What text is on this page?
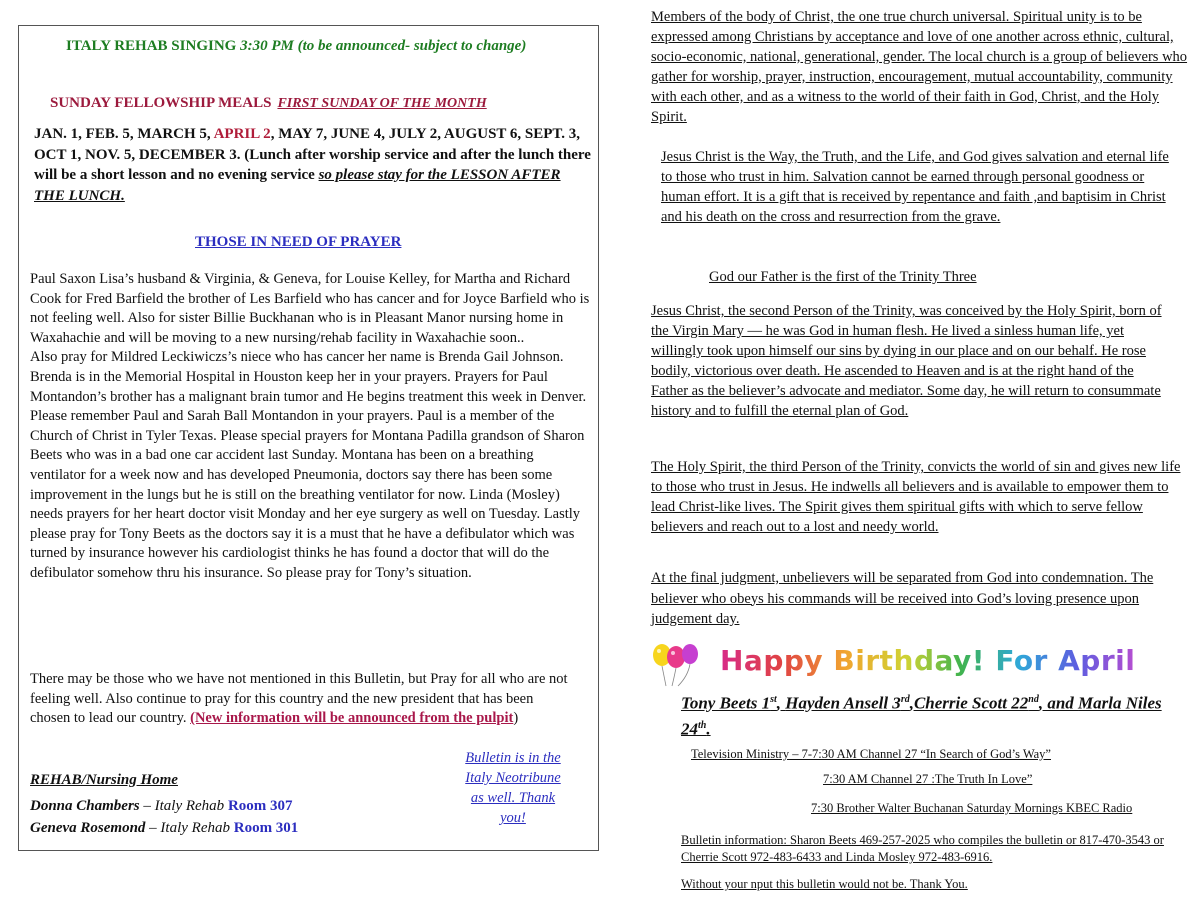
ITALY REHAB SINGING 3:30 PM (to be announced- subject to change)
SUNDAY FELLOWSHIP MEALS FIRST SUNDAY OF THE MONTH
JAN. 1, FEB. 5, MARCH 5, APRIL 2, MAY 7, JUNE 4, JULY 2, AUGUST 6, SEPT. 3, OCT 1, NOV. 5, DECEMBER 3. (Lunch after worship service and after the lunch there will be a short lesson and no evening service so please stay for the LESSON AFTER THE LUNCH.
THOSE IN NEED OF PRAYER

Paul Saxon Lisa’s husband & Virginia, & Geneva, for Louise Kelley, for Martha and Richard Cook for Fred Barfield the brother of Les Barfield who has cancer and for Joyce Barfield who is not feeling well. Also for sister Billie Buckhanan who is in Pleasant Manor nursing home in Waxahachie and will be moving to a new nursing/rehab facility in Waxahachie soon..

Also pray for Mildred Leckiwiczs’s niece who has cancer her name is Brenda Gail Johnson. Brenda is in the Memorial Hospital in Houston keep her in your prayers. Prayers for Paul Montandon’s brother has a malignant brain tumor and He begins treatment this week in Denver. Please remember Paul and Sarah Ball Montandon in your prayers. Paul is a member of the Church of Christ in Tyler Texas. Please special prayers for Montana Padilla grandson of Sharon Beets who was in a bad one car accident last Sunday. Montana has been on a breathing ventilator for a week now and has developed Pneumonia, doctors say there has been some improvement in the lungs but he is still on the breathing ventilator for now. Linda (Mosley) needs prayers for her heart doctor visit Monday and her eye surgery as well on Tuesday. Lastly please pray for Tony Beets as the doctors say it is a must that he have a defibulator which was turned by insurance however his cardiologist thinks he has found a doctor that will do the defibulator somehow thru his insurance. So please pray for Tony’s situation.

There may be those who we have not mentioned in this Bulletin, but Pray for all who are not feeling well. Also continue to pray for this country and the new president that has been chosen to lead our country. (New information will be announced from the pulpit)
REHAB/Nursing Home
Donna Chambers – Italy Rehab Room 307
Geneva Rosemond – Italy Rehab Room 301
Bulletin is in the Italy Neotribune as well. Thank you!

Members of the body of Christ, the one true church universal. Spiritual unity is to be expressed among Christians by acceptance and love of one another across ethnic, cultural, socio-economic, national, generational, gender. The local church is a group of believers who gather for worship, prayer, instruction, encouragement, mutual accountability, community with each other, and as a witness to the world of their faith in God, Christ, and the Holy Spirit.

Jesus Christ is the Way, the Truth, and the Life, and God gives salvation and eternal life to those who trust in him. Salvation cannot be earned through personal goodness or human effort. It is a gift that is received by repentance and faith ,and baptisim in Christ and his death on the cross and resurrection from the grave.

God our Father is the first of the Trinity Three

Jesus Christ, the second Person of the Trinity, was conceived by the Holy Spirit, born of the Virgin Mary — he was God in human flesh. He lived a sinless human life, yet willingly took upon himself our sins by dying in our place and on our behalf. He rose bodily, victorious over death. He ascended to Heaven and is at the right hand of the Father as the believer’s advocate and mediator. Some day, he will return to consummate history and to fulfill the eternal plan of God.

The Holy Spirit, the third Person of the Trinity, convicts the world of sin and gives new life to those who trust in Jesus. He indwells all believers and is available to empower them to lead Christ-like lives. The Spirit gives them spiritual gifts with which to serve fellow believers and reach out to a lost and needy world.

At the final judgment, unbelievers will be separated from God into condemnation. The believer who obeys his commands will be received into God’s loving presence upon judgement day.

Happy Birthday! For April
Tony Beets 1st, Hayden Ansell 3rd,Cherrie Scott 22nd, and Marla Niles 24th.
Television Ministry – 7-7:30 AM Channel 27 “In Search of God’s Way”
7:30 AM Channel 27 :The Truth In Love”
7:30 Brother Walter Buchanan Saturday Mornings KBEC Radio
Bulletin information: Sharon Beets 469-257-2025 who compiles the bulletin or 817-470-3543 or Cherrie Scott 972-483-6433 and Linda Mosley 972-483-6916.
Without your nput this bulletin would not be. Thank You.
